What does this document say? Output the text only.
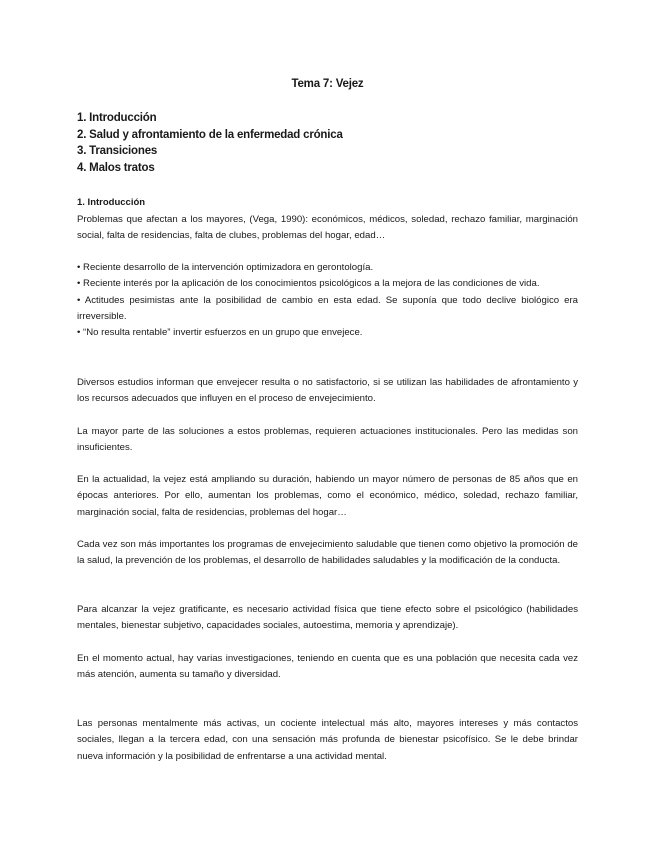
Tema 7: Vejez
1. Introducción
2. Salud y afrontamiento de la enfermedad crónica
3. Transiciones
4. Malos tratos
1. Introducción

Problemas que afectan a los mayores, (Vega, 1990): económicos, médicos, soledad, rechazo familiar, marginación social, falta de residencias, falta de clubes, problemas del hogar, edad…

• Reciente desarrollo de la intervención optimizadora en gerontología.
• Reciente interés por la aplicación de los conocimientos psicológicos a la mejora de las condiciones de vida.
• Actitudes pesimistas ante la posibilidad de cambio en esta edad. Se suponía que todo declive biológico era irreversible.
• “No resulta rentable” invertir esfuerzos en un grupo que envejece.

Diversos estudios informan que envejecer resulta o no satisfactorio, si se utilizan las habilidades de afrontamiento y los recursos adecuados que influyen en el proceso de envejecimiento.

La mayor parte de las soluciones a estos problemas, requieren actuaciones institucionales. Pero las medidas son insuficientes.

En la actualidad, la vejez está ampliando su duración, habiendo un mayor número de personas de 85 años que en épocas anteriores. Por ello, aumentan los problemas, como el económico, médico, soledad, rechazo familiar, marginación social, falta de residencias, problemas del hogar…

Cada vez son más importantes los programas de envejecimiento saludable que tienen como objetivo la promoción de la salud, la prevención de los problemas, el desarrollo de habilidades saludables y la modificación de la conducta.

Para alcanzar la vejez gratificante, es necesario actividad física que tiene efecto sobre el psicológico (habilidades mentales, bienestar subjetivo, capacidades sociales, autoestima, memoria y aprendizaje).

En el momento actual, hay varias investigaciones, teniendo en cuenta que es una población que necesita cada vez más atención, aumenta su tamaño y diversidad.

Las personas mentalmente más activas, un cociente intelectual más alto, mayores intereses y más contactos sociales, llegan a la tercera edad, con una sensación más profunda de bienestar psicofísico. Se le debe brindar nueva información y la posibilidad de enfrentarse a una actividad mental.
